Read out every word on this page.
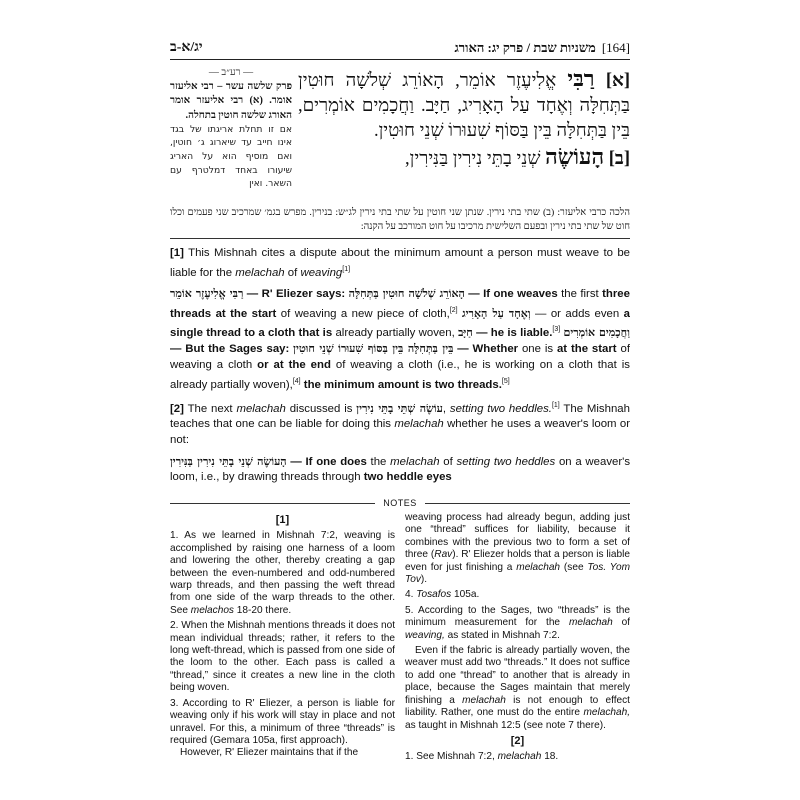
יג/א-ב	[164]
משניות שבת / פרק יג: האורג

[א] רַבִּי אֱלִיעֶזֶר אוֹמֵר, הָאוֹרֵג שְׁלֹשָׁה חוּטִין בַּתְּחִלָּה וְאֶחָד עַל הָאָרִיג, חַיָּב. וַחֲכָמִים אוֹמְרִים, בֵּין בַּתְּחִלָּה בֵּין בַּסּוֹף שִׁעוּרוֹ שְׁנֵי חוּטִין.

[ב] הָעוֹשֶׂה שְׁנֵי בָתֵּי נִירִין בַּנִּירִין,

— רע״ב —
פרק שלשה עשר – רבי אליעזר אומר. (א) רבי אליעזר אומר האורג שלשה חוטין בתחלה.
אם זו תחלת אריגתו של בגד אינו חייב עד שיארוג ג׳ חוטין, ואם מוסיף הוא על האריג שיעורו באחד דמלטרף עם השאר. ואין
הלכה כרבי אליעזר: (ב) שתי בתי נירין. שנתן שני חוטין על שתי בתי נירין לג״ש: בנירין. מפרש בגמ׳ שמרכיב שני פעמים וכלו חוט של שתי בתי נירין ובפעם השלישית מרכיבו על חוט המורכב על הקנה:

[1] This Mishnah cites a dispute about the minimum amount a person must weave to be liable for the melachah of weaving[1]

רַבִּי אֱלִיעֶזֶר אוֹמֵר — R' Eliezer says: הָאוֹרֵג שְׁלֹשָׁה חוּטִין בַּתְּחִלָּה — If one weaves the first three threads at the start of weaving a new piece of cloth,[2] וְאֶחָד עַל הָאָרִיג — or adds even a single thread to a cloth that is already partially woven, חַיָּב — he is liable.[3] וַחֲכָמִים אוֹמְרִים — But the Sages say: בֵּין בַּתְּחִלָּה בֵּין בַּסּוֹף שִׁעוּרוֹ שְׁנֵי חוּטִין — Whether one is at the start of weaving a cloth or at the end of weaving a cloth (i.e., he is working on a cloth that is already partially woven),[4] the minimum amount is two threads.[5]

[2] The next melachah discussed is עוֹשֶׂה שְׁתֵּי בָתֵּי נִירִין, setting two heddles.[1] The Mishnah teaches that one can be liable for doing this melachah whether he uses a weaver's loom or not:

הָעוֹשֶׂה שְׁנֵי בָתֵּי נִירִין בַּנִּירִין — If one does the melachah of setting two heddles on a weaver's loom, i.e., by drawing threads through two heddle eyes

NOTES
[1]

1. As we learned in Mishnah 7:2, weaving is accomplished by raising one harness of a loom and lowering the other, thereby creating a gap between the even-numbered and odd-numbered warp threads, and then passing the weft thread from one side of the warp threads to the other. See melachos 18-20 there.

2. When the Mishnah mentions threads it does not mean individual threads; rather, it refers to the long weft-thread, which is passed from one side of the loom to the other. Each pass is called a “thread,” since it creates a new line in the cloth being woven.

3. According to R' Eliezer, a person is liable for weaving only if his work will stay in place and not unravel. For this, a minimum of three “threads” is required (Gemara 105a, first approach).

However, R' Eliezer maintains that if the

weaving process had already begun, adding just one “thread” suffices for liability, because it combines with the previous two to form a set of three (Rav). R' Eliezer holds that a person is liable even for just finishing a melachah (see Tos. Yom Tov).

4. Tosafos 105a.

5. According to the Sages, two “threads” is the minimum measurement for the melachah of weaving, as stated in Mishnah 7:2.

Even if the fabric is already partially woven, the weaver must add two “threads.” It does not suffice to add one “thread” to another that is already in place, because the Sages maintain that merely finishing a melachah is not enough to effect liability. Rather, one must do the entire melachah, as taught in Mishnah 12:5 (see note 7 there).

[2]

1. See Mishnah 7:2, melachah 18.
